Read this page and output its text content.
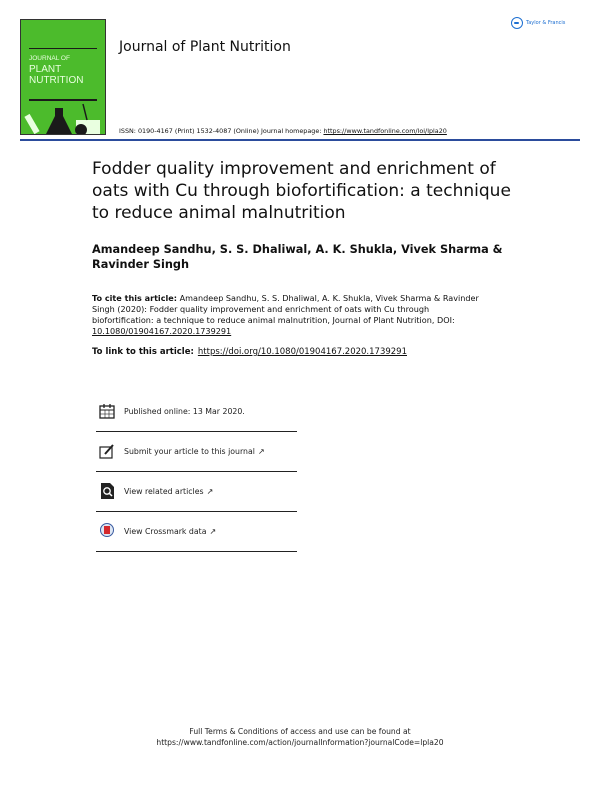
JOURNAL OF
PLANT
NUTRITION
Journal of Plant Nutrition
Taylor & Francis
ISSN: 0190-4167 (Print) 1532-4087 (Online) Journal homepage: https://www.tandfonline.com/loi/lpla20
Fodder quality improvement and enrichment of oats with Cu through biofortification: a technique to reduce animal malnutrition
Amandeep Sandhu, S. S. Dhaliwal, A. K. Shukla, Vivek Sharma & Ravinder Singh
To cite this article: Amandeep Sandhu, S. S. Dhaliwal, A. K. Shukla, Vivek Sharma & Ravinder Singh (2020): Fodder quality improvement and enrichment of oats with Cu through biofortification: a technique to reduce animal malnutrition, Journal of Plant Nutrition, DOI: 10.1080/01904167.2020.1739291
To link to this article: https://doi.org/10.1080/01904167.2020.1739291
Published online: 13 Mar 2020.
Submit your article to this journal ↗
View related articles ↗
View Crossmark data ↗
Full Terms & Conditions of access and use can be found at
https://www.tandfonline.com/action/journalInformation?journalCode=lpla20
